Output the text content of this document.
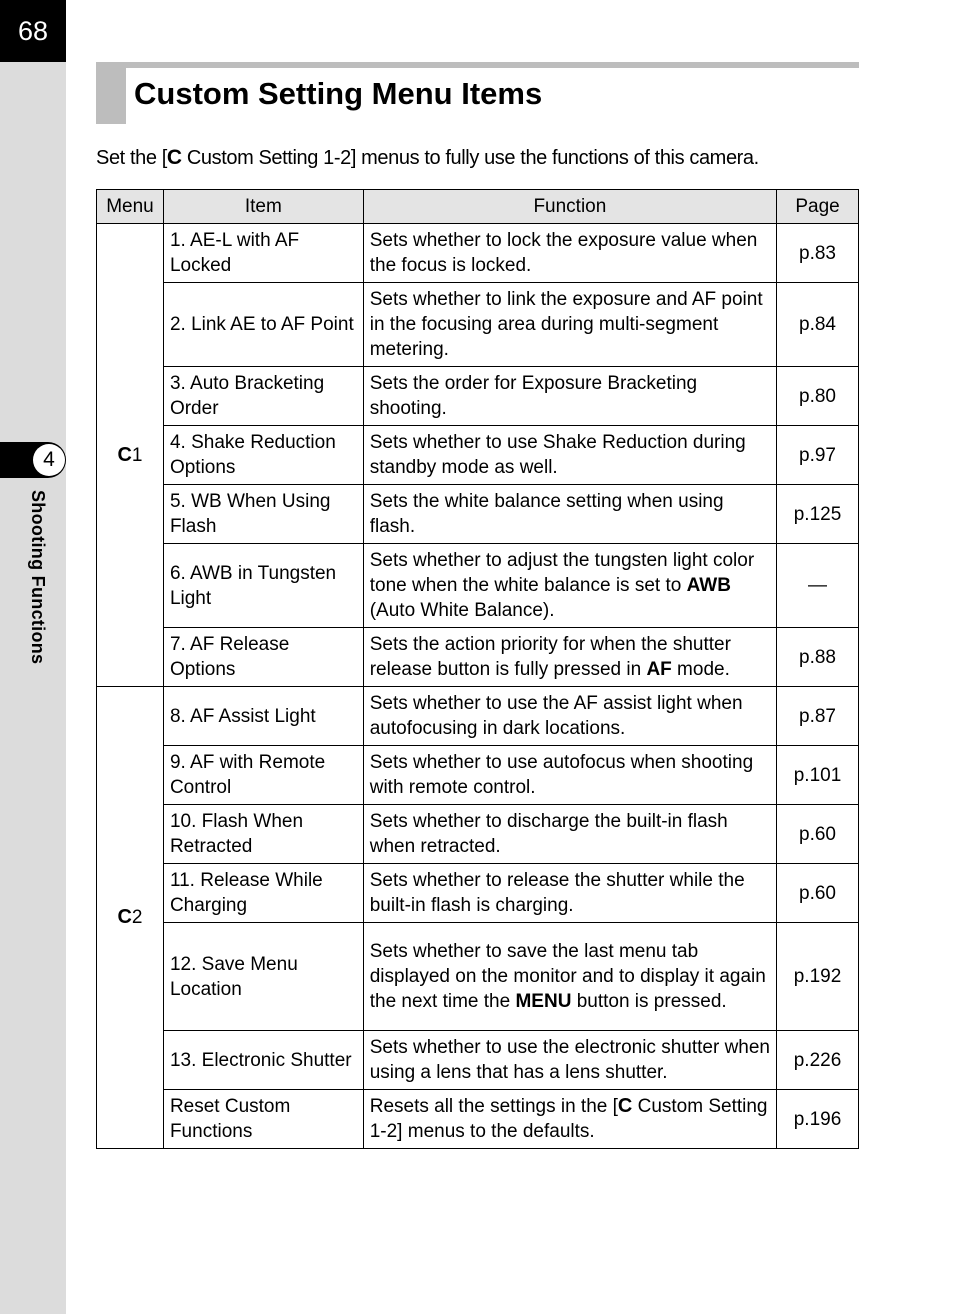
68
4
Shooting Functions
Custom Setting Menu Items

Set the [C Custom Setting 1-2] menus to fully use the functions of this camera.

Menu	Item	Function	Page
C1	1. AE-L with AF Locked	Sets whether to lock the exposure value when the focus is locked.	p.83
	2. Link AE to AF Point	Sets whether to link the exposure and AF point in the focusing area during multi-segment metering.	p.84
	3. Auto Bracketing Order	Sets the order for Exposure Bracketing shooting.	p.80
	4. Shake Reduction Options	Sets whether to use Shake Reduction during standby mode as well.	p.97
	5. WB When Using Flash	Sets the white balance setting when using flash.	p.125
	6. AWB in Tungsten Light	Sets whether to adjust the tungsten light color tone when the white balance is set to AWB (Auto White Balance).	—
	7. AF Release Options	Sets the action priority for when the shutter release button is fully pressed in AF mode.	p.88
C2	8. AF Assist Light	Sets whether to use the AF assist light when autofocusing in dark locations.	p.87
	9. AF with Remote Control	Sets whether to use autofocus when shooting with remote control.	p.101
	10. Flash When Retracted	Sets whether to discharge the built-in flash when retracted.	p.60
	11. Release While Charging	Sets whether to release the shutter while the built-in flash is charging.	p.60
	12. Save Menu Location	Sets whether to save the last menu tab displayed on the monitor and to display it again the next time the MENU button is pressed.	p.192
	13. Electronic Shutter	Sets whether to use the electronic shutter when using a lens that has a lens shutter.	p.226
	Reset Custom Functions	Resets all the settings in the [C Custom Setting 1-2] menus to the defaults.	p.196
